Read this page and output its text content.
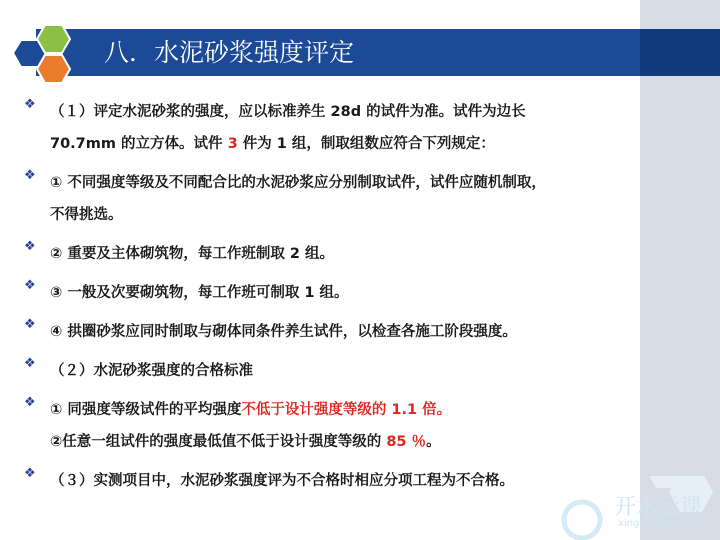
八．水泥砂浆强度评定
❖ （１）评定水泥砂浆的强度，应以标准养生 28d 的试件为准。试件为边长
70.7mm 的立方体。试件 3 件为 1 组，制取组数应符合下列规定：
❖ ① 不同强度等级及不同配合比的水泥砂浆应分别制取试件，试件应随机制取，
不得挑选。
❖ ② 重要及主体砌筑物，每工作班制取 2 组。
❖ ③ 一般及次要砌筑物，每工作班可制取 1 组。
❖ ④ 拱圈砂浆应同时制取与砌体同条件养生试件，以检查各施工阶段强度。
❖ （２）水泥砂浆强度的合格标准
❖ ① 同强度等级试件的平均强度不低于设计强度等级的 1.1 倍。
②任意一组试件的强度最低值不低于设计强度等级的 85 ％。
❖ （３）实测项目中，水泥砂浆强度评为不合格时相应分项工程为不合格。
开水云课
xingshuiyun.com
